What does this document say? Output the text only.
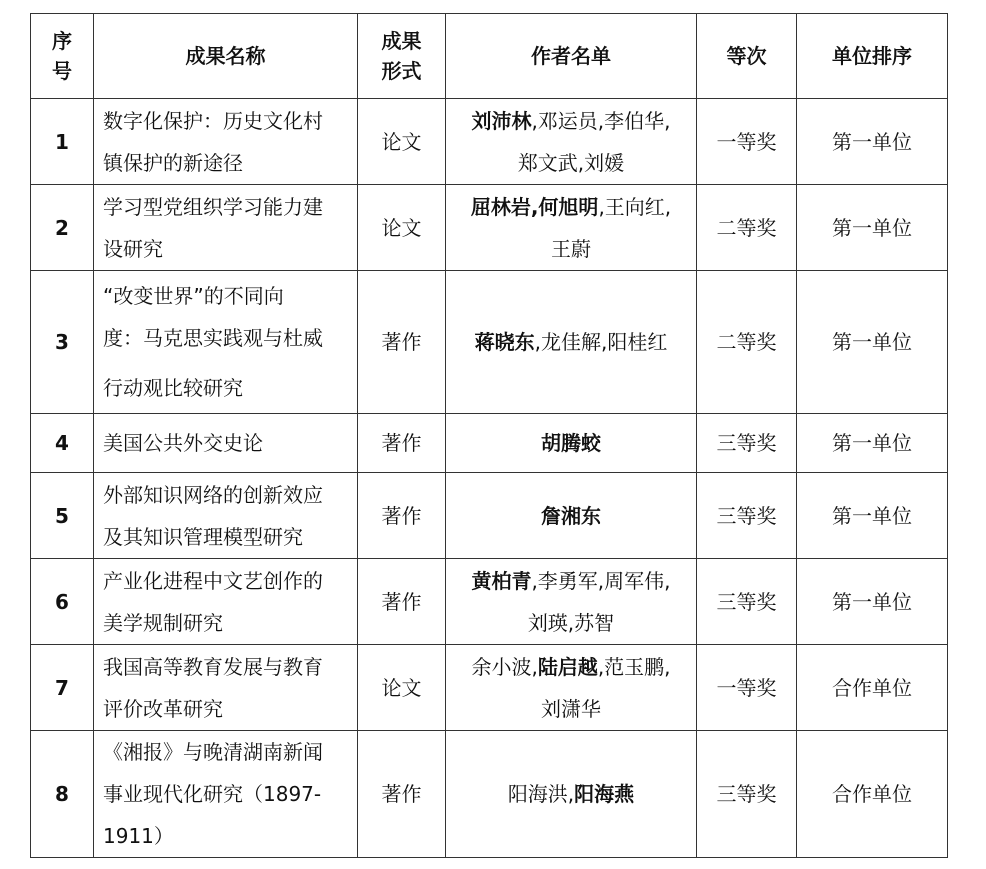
序
号	成果名称	成果
形式	作者名单	等次	单位排序
1	数字化保护：历史文化村
镇保护的新途径	论文	刘沛林,邓运员,李伯华,
郑文武,刘媛	一等奖	第一单位
2	学习型党组织学习能力建
设研究	论文	屈林岩,何旭明,王向红,
王蔚	二等奖	第一单位
3	“改变世界”的不同向
度：马克思实践观与杜威
行动观比较研究	著作	蒋晓东,龙佳解,阳桂红	二等奖	第一单位
4	美国公共外交史论	著作	胡腾蛟	三等奖	第一单位
5	外部知识网络的创新效应
及其知识管理模型研究	著作	詹湘东	三等奖	第一单位
6	产业化进程中文艺创作的
美学规制研究	著作	黄柏青,李勇军,周军伟,
刘瑛,苏智	三等奖	第一单位
7	我国高等教育发展与教育
评价改革研究	论文	余小波,陆启越,范玉鹏,
刘潇华	一等奖	合作单位
8	《湘报》与晚清湖南新闻
事业现代化研究（1897-
1911）	著作	阳海洪,阳海燕	三等奖	合作单位
